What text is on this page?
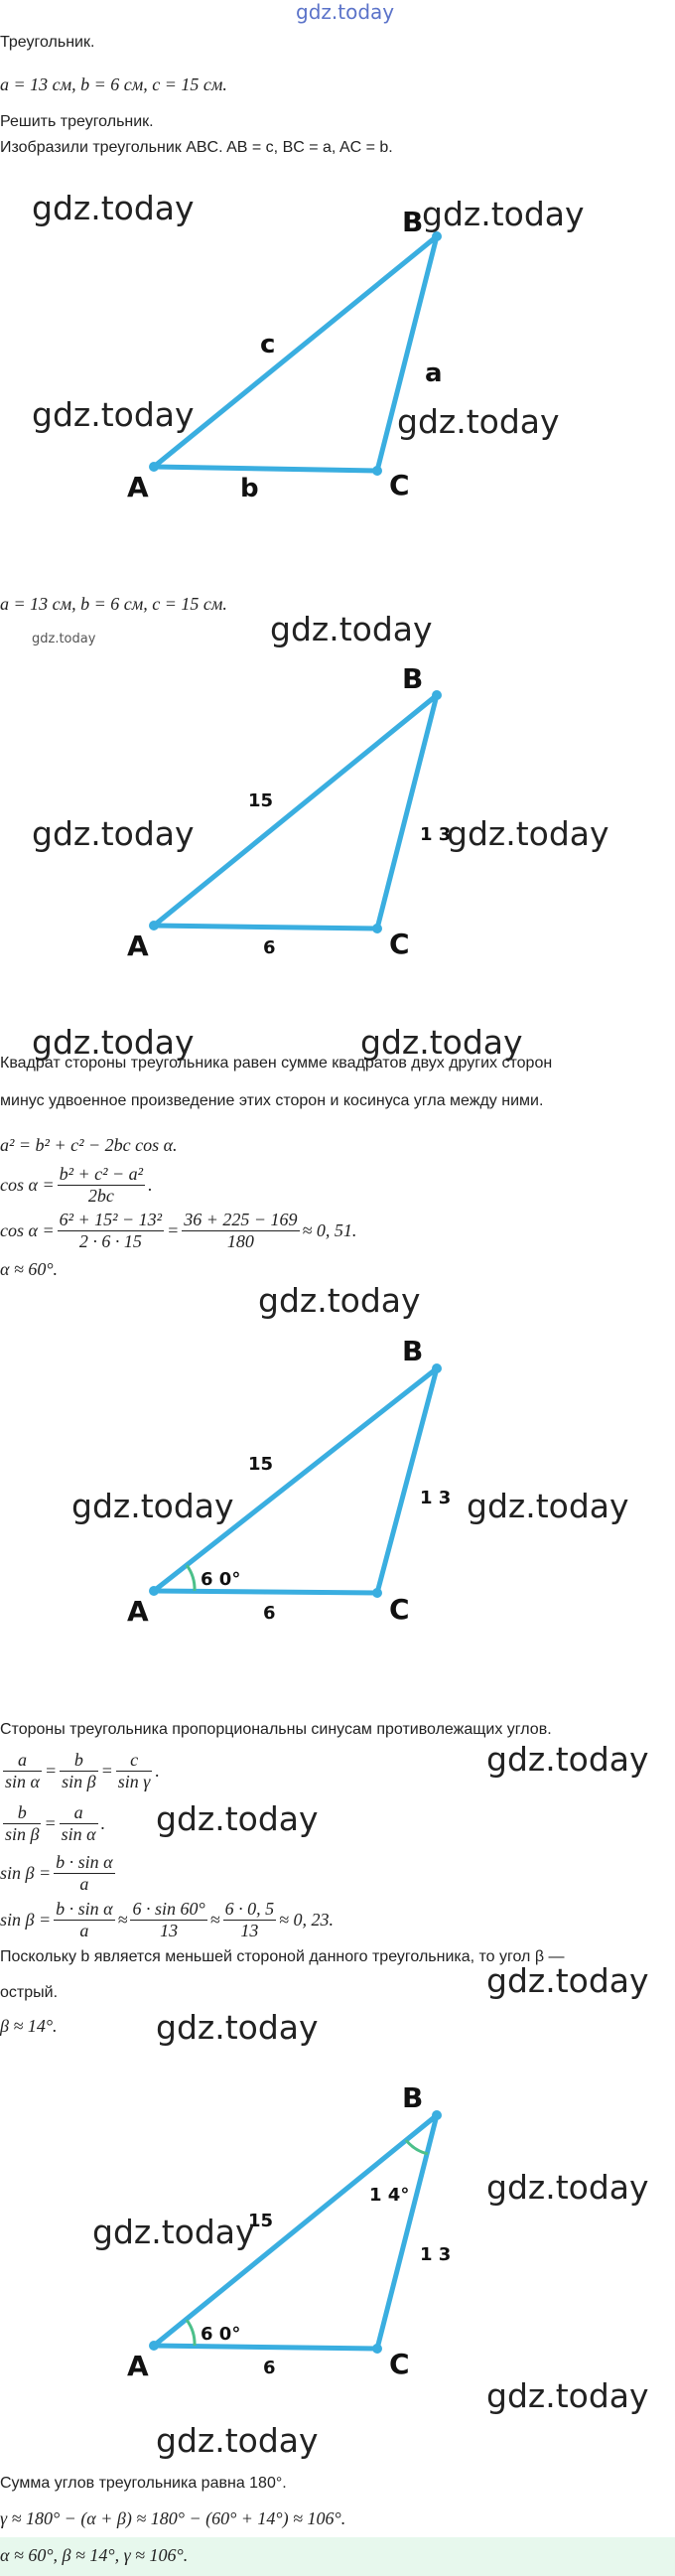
gdz.today
Треугольник.
a = 13 см, b = 6 см, c = 15 см.
Решить треугольник.
Изобразили треугольник ABC. AB = c, BC = a, AC = b.
A
B
C
c
a
b
gdz.today	gdz.today
gdz.today	gdz.today
a = 13 см, b = 6 см, c = 15 см.
gdz.today	gdz.today
A
B
C
15
1 3
6
gdz.today	gdz.today
gdz.today	gdz.today
Квадрат стороны треугольника равен сумме квадратов двух других сторон
минус удвоенное произведение этих сторон и косинуса угла между ними.
a² = b² + c² − 2bc cos α.
$\cos \alpha = \frac{\text{b² + c² − a²}}{2bc}$ .
$\cos \alpha = \frac{\text{6² + 15² − 13²}}{2 \cdot 6 \cdot 15} = \frac{36 + 225 - 169}{180} \approx 0$, 51.
α ≈ 60°.
gdz.today
A
B
C
15
1 3
6
6 0°
gdz.today	gdz.today
Стороны треугольника пропорциональны синусам противолежащих углов.
gdz.today
$\frac{a}{\text{sin α}} = \frac{b}{\text{sin β}} = \frac{c}{\text{sin γ}}$ .
$\frac{b}{\text{sin β}} = \frac{a}{\text{sin α}}$ . gdz.today
$\sin \beta = \frac{\text{b · sin α}}{a}$
$\sin \beta = \frac{\text{b · sin α}}{a} \approx \frac{6 \cdot \sin 60^\circ}{13} \approx \frac{6 \cdot 0, 5}{13} \approx 0$, 23.
Поскольку b является меньшей стороной данного треугольника, то угол β —
gdz.today
острый.
β ≈ 14°.	gdz.today
A
B
C
15
1 3
6
6 0°
1 4° gdz.today
gdz.today
gdz.today
gdz.today
Сумма углов треугольника равна 180°.
γ ≈ 180° − (α + β) ≈ 180° − (60° + 14°) ≈ 106°.
α ≈ 60°, β ≈ 14°, γ ≈ 106°.
